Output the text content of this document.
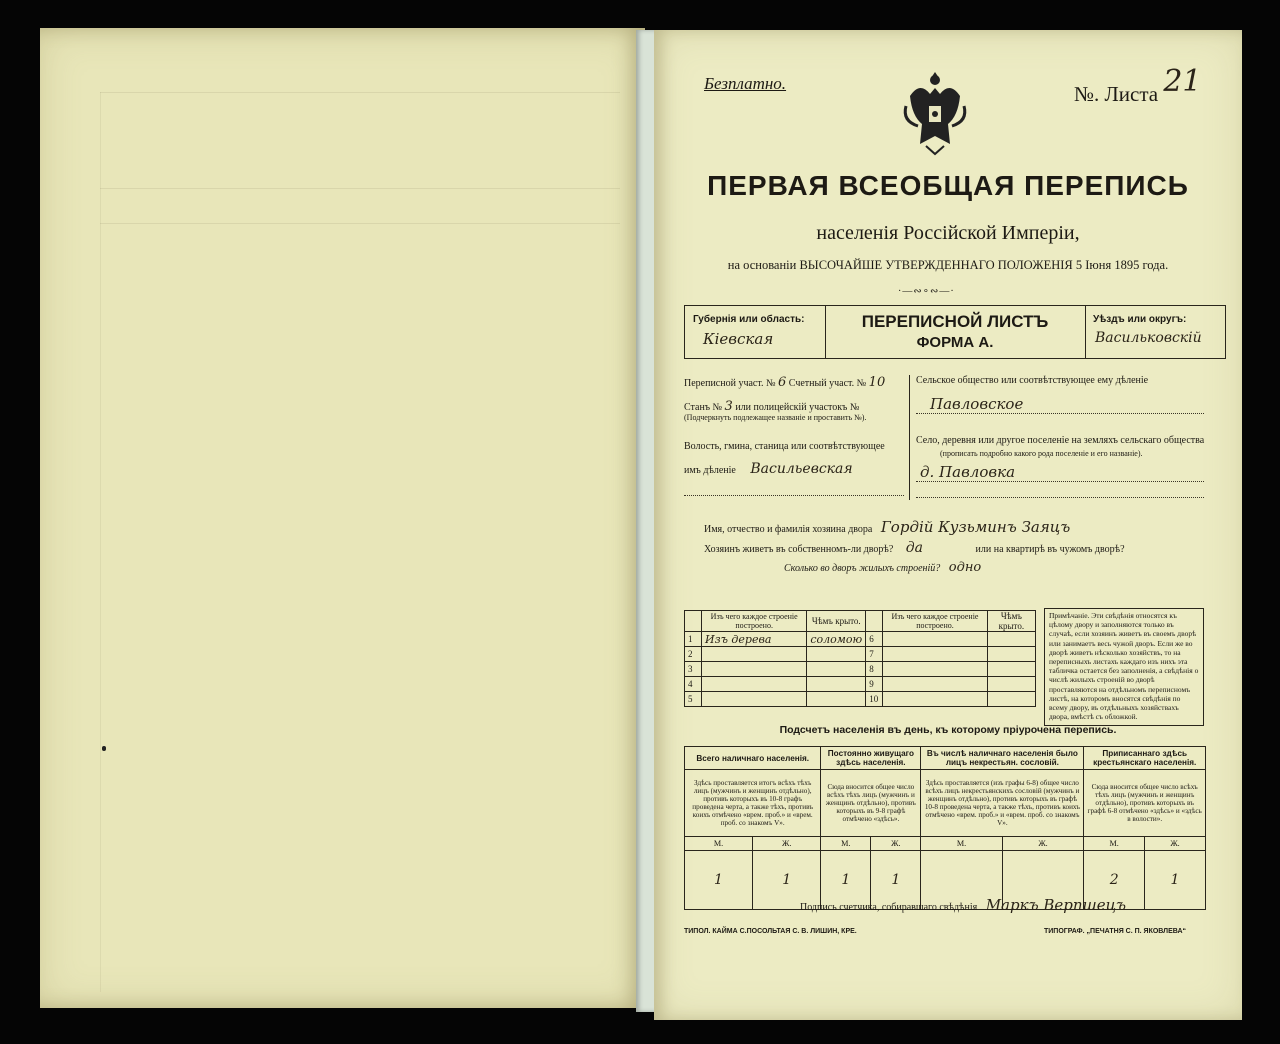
Безплатно.	№. Листа 21
ПЕРВАЯ ВСЕОБЩАЯ ПЕРЕПИСЬ
населенія Россійской Имперіи,
на основаніи ВЫСОЧАЙШЕ УТВЕРЖДЕННАГО ПОЛОЖЕНІЯ 5 Іюня 1895 года.
·—∾∘∾—·
Губернія или область:
Кіевская
ПЕРЕПИСНОЙ ЛИСТЪ
ФОРМА А.
Уѣздъ или округъ:
Васильковскій
Переписной участ. № 6 Счетный участ. № 10
Станъ № 3 или полицейскій участокъ №
(Подчеркнуть подлежащее названіе и проставить №).
Волость, гмина, станица или соотвѣтствующее
имъ дѣленіе Васильевская
Сельское общество или соотвѣтствующее ему дѣленіе
Павловское
Село, деревня или другое поселеніе на земляхъ сельскаго общества
(прописать подробно какого рода поселеніе и его названіе).
д. Павловка
Имя, отчество и фамилія хозяина двора Гордій Кузьминъ Заяцъ
Хозяинъ живетъ въ собственномъ-ли дворѣ? да	или на квартирѣ въ чужомъ дворѣ?
Сколько во дворъ жилыхъ строеній? одно
	Изъ чего каждое строеніе построено.	Чѣмъ крыто.		Изъ чего каждое строеніе построено.	Чѣмъ крыто.
1	Изъ дерева	соломою	6		
2			7		
3			8		
4			9		
5			10		
Примѣчаніе. Эти свѣдѣнія относятся къ цѣлому двору и заполняются только въ случаѣ, если хозяинъ живетъ въ своемъ дворѣ или занимаетъ весь чужой дворъ. Если же во дворѣ живетъ нѣсколько хозяйствъ, то на переписныхъ листахъ каждаго изъ нихъ эта табличка остается без заполненія, а свѣдѣнія о числѣ жилыхъ строеній во дворѣ проставляются на отдѣльномъ переписномъ листѣ, на которомъ вносятся свѣдѣнія по всему двору, въ отдѣльныхъ хозяйствахъ двора, вмѣстѣ съ обложкой.
Подсчетъ населенія въ день, къ которому пріурочена перепись.
Всего наличнаго населенія.		Постоянно живущаго здѣсь населенія.		Въ числѣ наличнаго населенія было лицъ некрестьян. сословій.		Приписаннаго здѣсь крестьянскаго населенія.	
Здѣсь проставляется итогъ всѣхъ тѣхъ лицъ (мужчинъ и женщинъ отдѣльно), противъ которыхъ въ 10-8 графъ проведена черта, а также тѣхъ, противъ коихъ отмѣчено «врем. проб.» и «врем. проб. со знакомъ V».		Сюда вносится общее число всѣхъ тѣхъ лицъ (мужчинъ и женщинъ отдѣльно), противъ которыхъ въ 9-8 графѣ отмѣчено «здѣсь».		Здѣсь проставляется (изъ графы 6-8) общее число всѣхъ лицъ некрестьянскихъ сословій (мужчинъ и женщинъ отдѣльно), противъ которыхъ въ графѣ 10-8 проведена черта, а также тѣхъ, противъ коихъ отмѣчено «врем. проб.» и «врем. проб. со знакомъ V».		Сюда вносится общее число всѣхъ тѣхъ лицъ (мужчинъ и женщинъ отдѣльно), противъ которыхъ въ графѣ 6-8 отмѣчено «здѣсь» и «здѣсь в волости».	
М.	Ж.	М.	Ж.	М.	Ж.	М.	Ж.
1	1	1	1			2	1
Подпись счетчика, собиравшаго свѣдѣнія Маркъ Верпшецъ
ТИПОЛ. КАЙМА С.ПОСОЛЬТАЯ С. В. ЛИШИН, КРЕ.	ТИПОГРАФ. „ПЕЧАТНЯ С. П. ЯКОВЛЕВА“
